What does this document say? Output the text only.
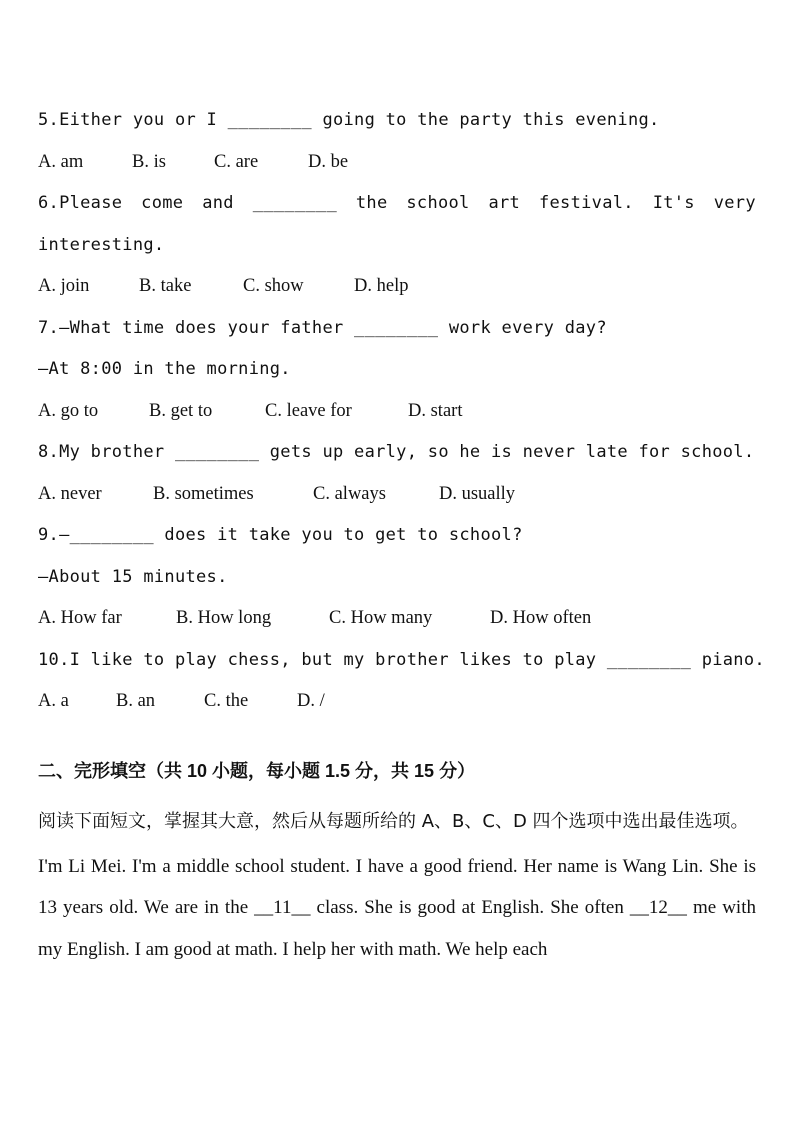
5.Either you or I ________ going to the party this evening.
A. am	B. is	C. are	D. be
6.Please come and ________ the school art festival. It's very
interesting.
A. join	B. take	C. show	D. help
7.—What time does your father ________ work every day?
—At 8:00 in the morning.
A. go to	B. get to	C. leave for	D. start
8.My brother ________ gets up early, so he is never late for school.
A. never	B. sometimes	C. always	D. usually
9.—________ does it take you to get to school?
—About 15 minutes.
A. How far	B. How long	C. How many	D. How often
10.I like to play chess, but my brother likes to play ________ piano.
A. a	B. an	C. the	D. /
二、完形填空（共 10 小题，每小题 1.5 分，共 15 分）
阅读下面短文，掌握其大意，然后从每题所给的 A、B、C、D 四个选项中选出最佳选项。
I'm Li Mei. I'm a middle school student. I have a good friend. Her name is Wang Lin. She is 13 years old. We are in the __11__ class. She is good at English. She often __12__ me with my English. I am good at math. I help her with math. We help each
